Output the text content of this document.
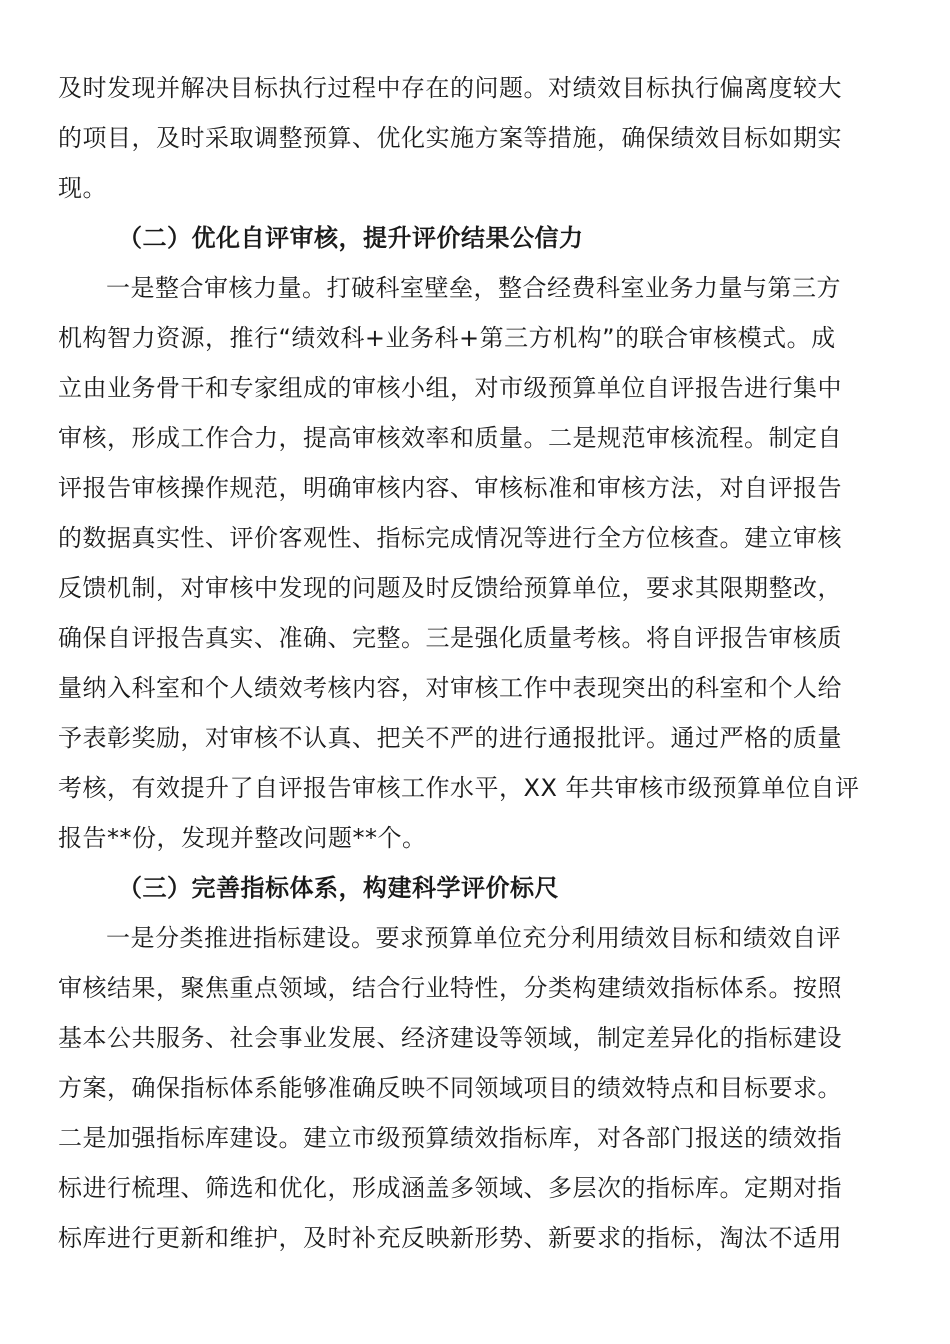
及时发现并解决目标执行过程中存在的问题。对绩效目标执行偏离度较大
的项目，及时采取调整预算、优化实施方案等措施，确保绩效目标如期实
现。
（二）优化自评审核，提升评价结果公信力
一是整合审核力量。打破科室壁垒，整合经费科室业务力量与第三方
机构智力资源，推行“绩效科+业务科+第三方机构”的联合审核模式。成
立由业务骨干和专家组成的审核小组，对市级预算单位自评报告进行集中
审核，形成工作合力，提高审核效率和质量。二是规范审核流程。制定自
评报告审核操作规范，明确审核内容、审核标准和审核方法，对自评报告
的数据真实性、评价客观性、指标完成情况等进行全方位核查。建立审核
反馈机制，对审核中发现的问题及时反馈给预算单位，要求其限期整改，
确保自评报告真实、准确、完整。三是强化质量考核。将自评报告审核质
量纳入科室和个人绩效考核内容，对审核工作中表现突出的科室和个人给
予表彰奖励，对审核不认真、把关不严的进行通报批评。通过严格的质量
考核，有效提升了自评报告审核工作水平，XX 年共审核市级预算单位自评
报告**份，发现并整改问题**个。
（三）完善指标体系，构建科学评价标尺
一是分类推进指标建设。要求预算单位充分利用绩效目标和绩效自评
审核结果，聚焦重点领域，结合行业特性，分类构建绩效指标体系。按照
基本公共服务、社会事业发展、经济建设等领域，制定差异化的指标建设
方案，确保指标体系能够准确反映不同领域项目的绩效特点和目标要求。
二是加强指标库建设。建立市级预算绩效指标库，对各部门报送的绩效指
标进行梳理、筛选和优化，形成涵盖多领域、多层次的指标库。定期对指
标库进行更新和维护，及时补充反映新形势、新要求的指标，淘汰不适用
